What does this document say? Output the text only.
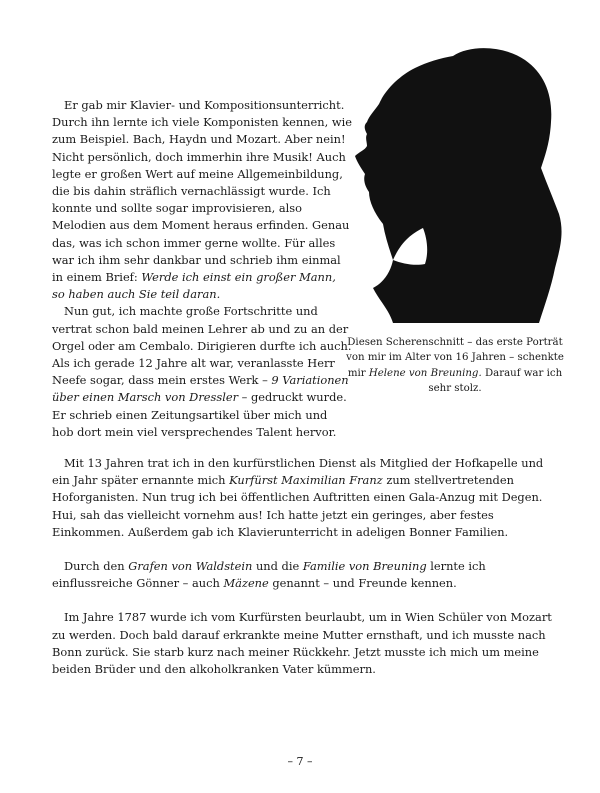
Er gab mir Klavier- und Kompositionsunterricht. Durch ihn lernte ich viele Komponisten kennen, wie zum Beispiel. Bach, Haydn und Mozart. Aber nein! Nicht persönlich, doch immerhin ihre Musik! Auch legte er großen Wert auf meine Allgemeinbildung, die bis dahin sträflich vernachlässigt wurde. Ich konnte und sollte sogar improvisieren, also Melodien aus dem Moment heraus erfinden. Genau das, was ich schon immer gerne wollte. Für alles war ich ihm sehr dankbar und schrieb ihm einmal in einem Brief: Werde ich einst ein großer Mann, so haben auch Sie teil daran.

Nun gut, ich machte große Fortschritte und vertrat schon bald meinen Lehrer ab und zu an der Orgel oder am Cembalo. Dirigieren durfte ich auch. Als ich gerade 12 Jahre alt war, veranlasste Herr Neefe sogar, dass mein erstes Werk – 9 Variationen über einen Marsch von Dressler – gedruckt wurde. Er schrieb einen Zeitungsartikel über mich und hob dort mein viel versprechendes Talent hervor.

Diesen Scherenschnitt – das erste Porträt von mir im Alter von 16 Jahren – schenkte mir Helene von Breuning. Darauf war ich sehr stolz.

Mit 13 Jahren trat ich in den kurfürstlichen Dienst als Mitglied der Hofkapelle und ein Jahr später ernannte mich Kurfürst Maximilian Franz zum stellvertretenden Hoforganisten. Nun trug ich bei öffentlichen Auftritten einen Gala-Anzug mit Degen. Hui, sah das vielleicht vornehm aus! Ich hatte jetzt ein geringes, aber festes Einkommen. Außerdem gab ich Klavierunterricht in adeligen Bonner Familien.

Durch den Grafen von Waldstein und die Familie von Breuning lernte ich einflussreiche Gönner – auch Mäzene genannt – und Freunde kennen.

Im Jahre 1787 wurde ich vom Kurfürsten beurlaubt, um in Wien Schüler von Mozart zu werden. Doch bald darauf erkrankte meine Mutter ernsthaft, und ich musste nach Bonn zurück. Sie starb kurz nach meiner Rückkehr. Jetzt musste ich mich um meine beiden Brüder und den alkoholkranken Vater kümmern.

– 7 –
